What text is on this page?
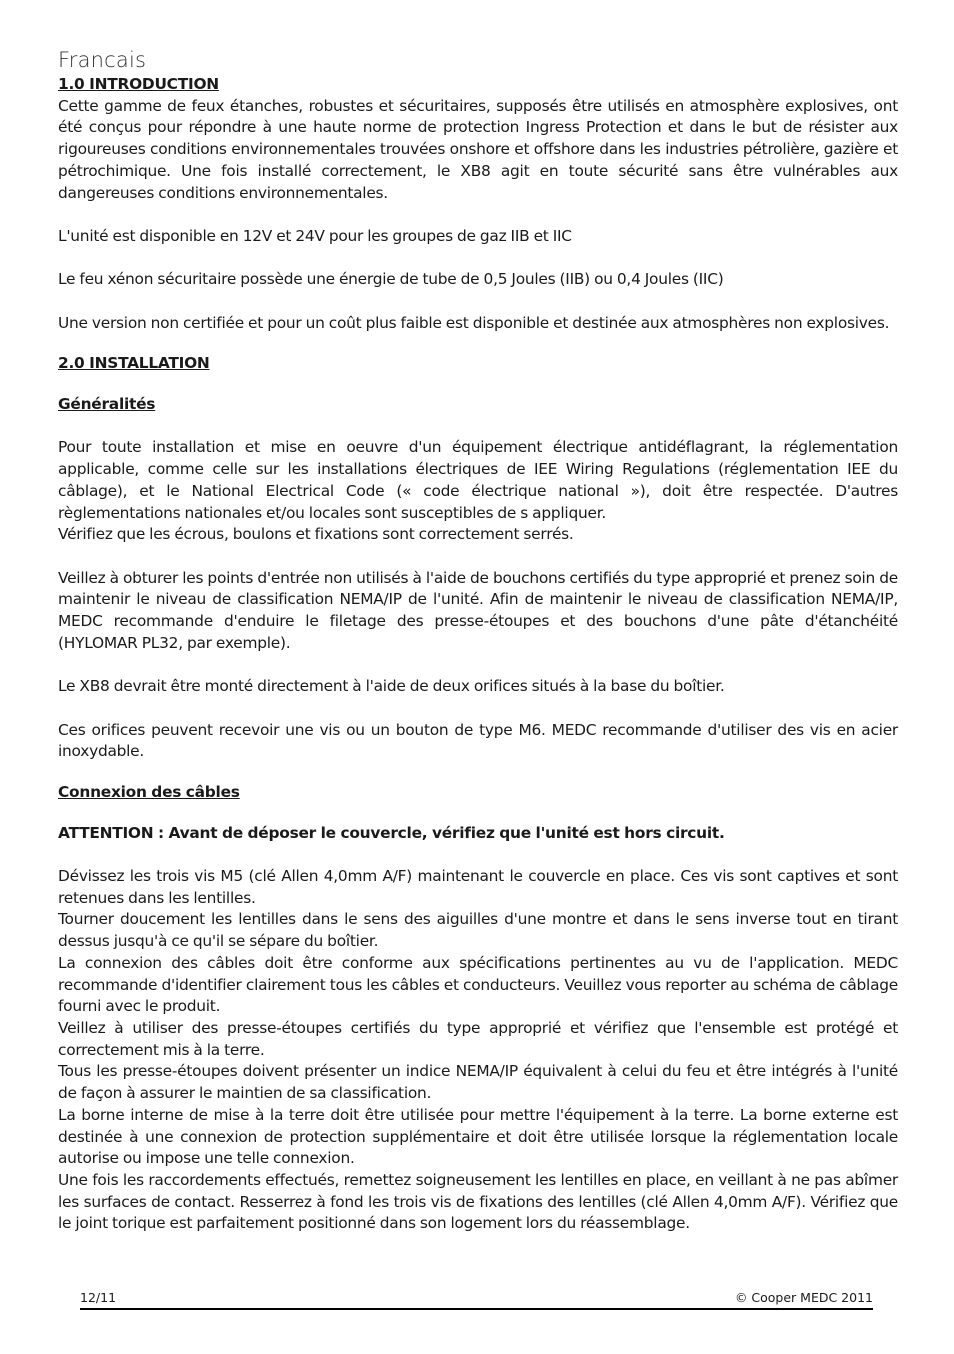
Francais

1.0 INTRODUCTION

Cette gamme de feux étanches, robustes et sécuritaires, supposés être utilisés en atmosphère explosives, ont été conçus pour répondre à une haute norme de protection Ingress Protection et dans le but de résister aux rigoureuses conditions environnementales trouvées onshore et offshore dans les industries pétrolière, gazière et pétrochimique. Une fois installé correctement, le XB8 agit en toute sécurité sans être vulnérables aux dangereuses conditions environnementales.

L'unité est disponible en 12V et 24V pour les groupes de gaz IIB et IIC

Le feu xénon sécuritaire possède une énergie de tube de 0,5 Joules (IIB) ou 0,4 Joules (IIC)

Une version non certifiée et pour un coût plus faible est disponible et destinée aux atmosphères non explosives.

2.0 INSTALLATION

Généralités

Pour toute installation et mise en oeuvre d'un équipement électrique antidéflagrant, la réglementation applicable, comme celle sur les installations électriques de IEE Wiring Regulations (réglementation IEE du câblage), et le National Electrical Code (« code électrique national »), doit être respectée. D'autres règlementations nationales et/ou locales sont susceptibles de s appliquer.

Vérifiez que les écrous, boulons et fixations sont correctement serrés.

Veillez à obturer les points d'entrée non utilisés à l'aide de bouchons certifiés du type approprié et prenez soin de maintenir le niveau de classification NEMA/IP de l'unité. Afin de maintenir le niveau de classification NEMA/IP, MEDC recommande d'enduire le filetage des presse-étoupes et des bouchons d'une pâte d'étanchéité (HYLOMAR PL32, par exemple).

Le XB8 devrait être monté directement à l'aide de deux orifices situés à la base du boîtier.

Ces orifices peuvent recevoir une vis ou un bouton de type M6. MEDC recommande d'utiliser des vis en acier inoxydable.

Connexion des câbles

ATTENTION : Avant de déposer le couvercle, vérifiez que l'unité est hors circuit.

Dévissez les trois vis M5 (clé Allen 4,0mm A/F) maintenant le couvercle en place. Ces vis sont captives et sont retenues dans les lentilles.

Tourner doucement les lentilles dans le sens des aiguilles d'une montre et dans le sens inverse tout en tirant dessus jusqu'à ce qu'il se sépare du boîtier.

La connexion des câbles doit être conforme aux spécifications pertinentes au vu de l'application. MEDC recommande d'identifier clairement tous les câbles et conducteurs. Veuillez vous reporter au schéma de câblage fourni avec le produit.

Veillez à utiliser des presse-étoupes certifiés du type approprié et vérifiez que l'ensemble est protégé et correctement mis à la terre.

Tous les presse-étoupes doivent présenter un indice NEMA/IP équivalent à celui du feu et être intégrés à l'unité de façon à assurer le maintien de sa classification.

La borne interne de mise à la terre doit être utilisée pour mettre l'équipement à la terre. La borne externe est destinée à une connexion de protection supplémentaire et doit être utilisée lorsque la réglementation locale autorise ou impose une telle connexion.

Une fois les raccordements effectués, remettez soigneusement les lentilles en place, en veillant à ne pas abîmer les surfaces de contact. Resserrez à fond les trois vis de fixations des lentilles (clé Allen 4,0mm A/F). Vérifiez que le joint torique est parfaitement positionné dans son logement lors du réassemblage.

12/11	© Cooper MEDC 2011
